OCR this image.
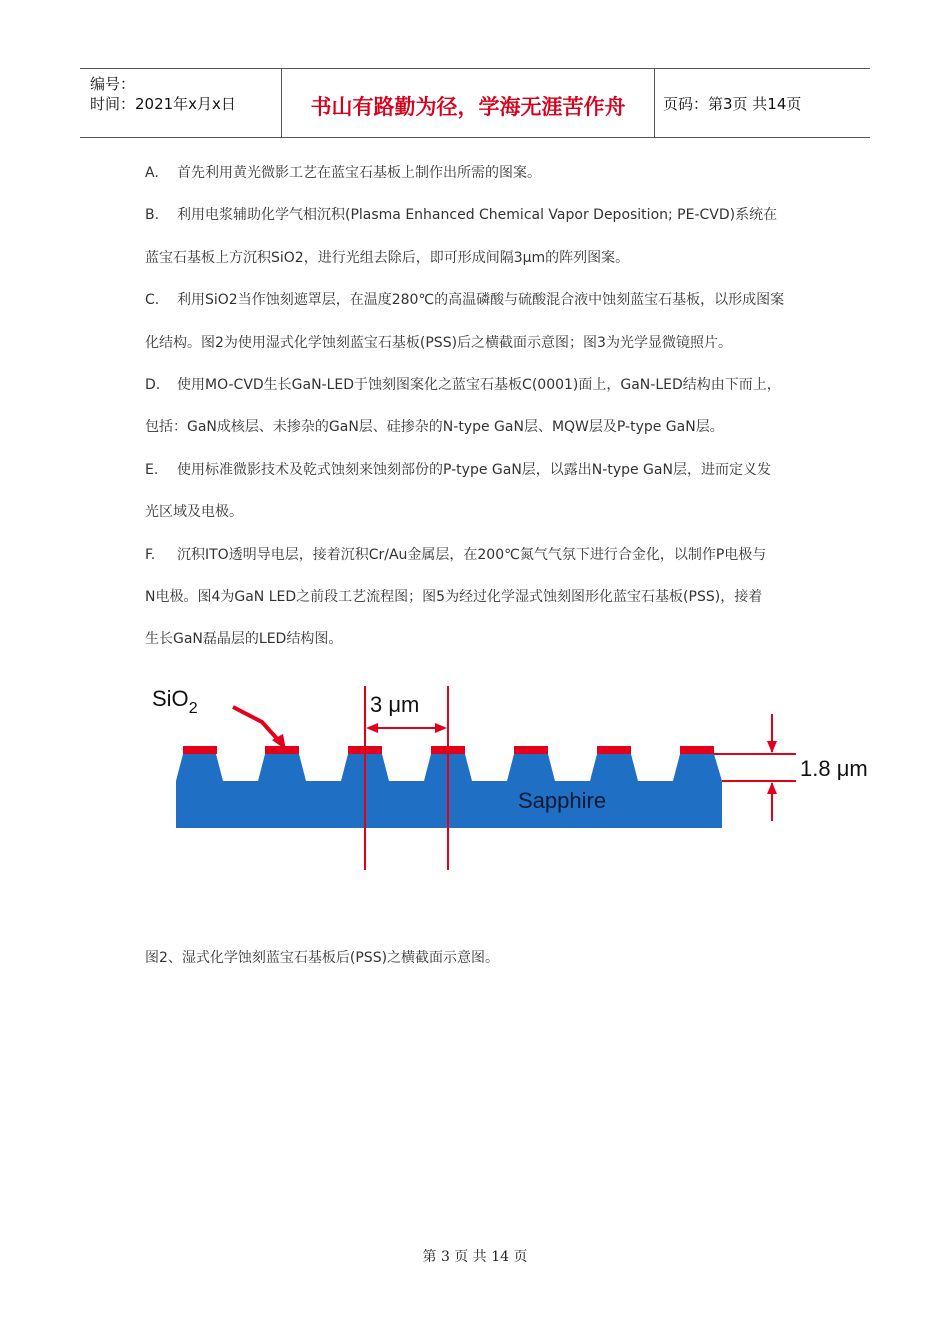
编号：
时间：2021年x月x日	书山有路勤为径，学海无涯苦作舟	页码：第3页 共14页
A. 首先利用黄光微影工艺在蓝宝石基板上制作出所需的图案。
B. 利用电浆辅助化学气相沉积(Plasma Enhanced Chemical Vapor Deposition; PE-CVD)系统在
蓝宝石基板上方沉积SiO2，进行光组去除后，即可形成间隔3μm的阵列图案。
C. 利用SiO2当作蚀刻遮罩层，在温度280℃的高温磷酸与硫酸混合液中蚀刻蓝宝石基板，以形成图案
化结构。图2为使用湿式化学蚀刻蓝宝石基板(PSS)后之横截面示意图；图3为光学显微镜照片。
D. 使用MO-CVD生长GaN-LED于蚀刻图案化之蓝宝石基板C(0001)面上，GaN-LED结构由下而上，
包括：GaN成核层、未掺杂的GaN层、硅掺杂的N-type GaN层、MQW层及P-type GaN层。
E. 使用标准微影技术及乾式蚀刻来蚀刻部份的P-type GaN层，以露出N-type GaN层，进而定义发
光区域及电极。
F. 沉积ITO透明导电层，接着沉积Cr/Au金属层，在200℃氮气气氛下进行合金化，以制作P电极与
N电极。图4为GaN LED之前段工艺流程图；图5为经过化学湿式蚀刻图形化蓝宝石基板(PSS)，接着
生长GaN磊晶层的LED结构图。
SiO$_2$	3 μm
1.8 μm
Sapphire
图2、湿式化学蚀刻蓝宝石基板后(PSS)之横截面示意图。
第 3 页 共 14 页
